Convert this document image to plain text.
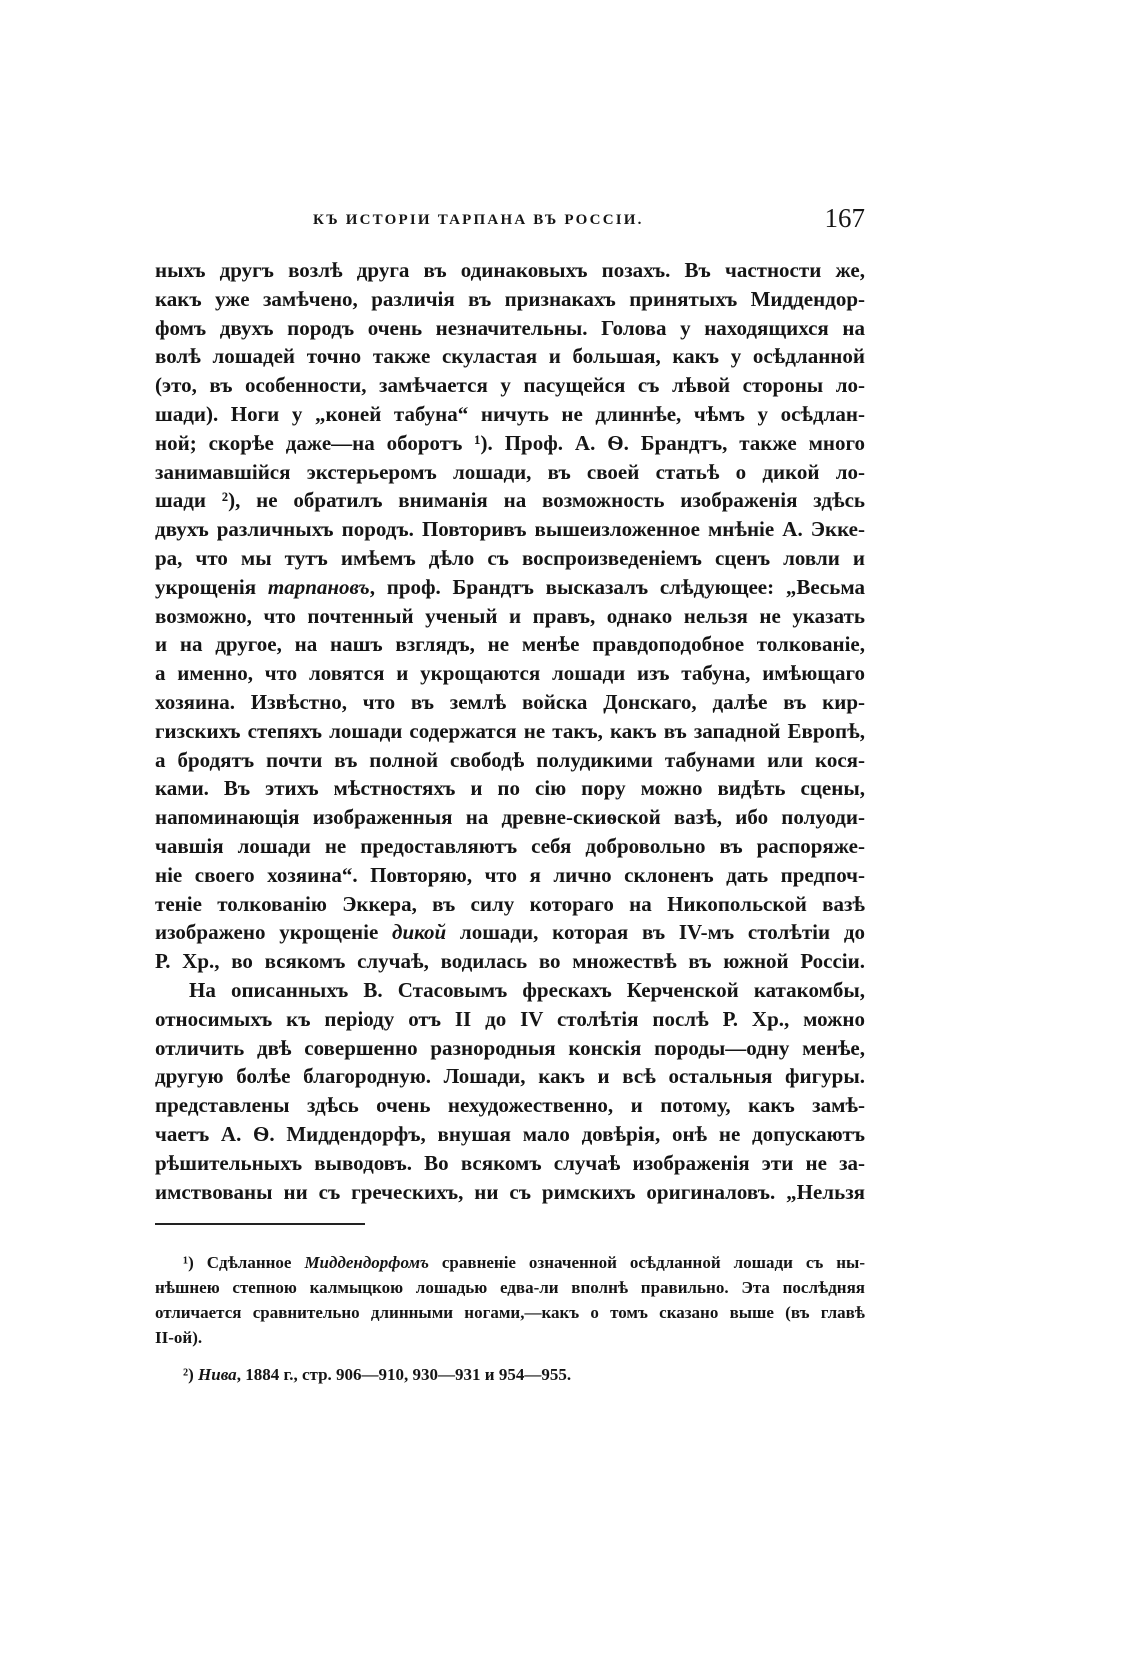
КЪ ИСТОРІИ ТАРПАНА ВЪ РОССІИ.	167
ныхъ другъ возлѣ друга въ одинаковыхъ позахъ. Въ частности же,
какъ уже замѣчено, различія въ признакахъ принятыхъ Миддендор-
фомъ двухъ породъ очень незначительны. Голова у находящихся на
волѣ лошадей точно также скуластая и большая, какъ у осѣдланной
(это, въ особенности, замѣчается у пасущейся съ лѣвой стороны ло-
шади). Ноги у „коней табуна“ ничуть не длиннѣе, чѣмъ у осѣдлан-
ной; скорѣе даже—на оборотъ ¹). Проф. А. Ѳ. Брандтъ, также много
занимавшійся экстерьеромъ лошади, въ своей статьѣ о дикой ло-
шади ²), не обратилъ вниманія на возможность изображенія здѣсь
двухъ различныхъ породъ. Повторивъ вышеизложенное мнѣніе А. Экке-
ра, что мы тутъ имѣемъ дѣло съ воспроизведеніемъ сценъ ловли и
укрощенія тарпановъ, проф. Брандтъ высказалъ слѣдующее: „Весьма
возможно, что почтенный ученый и правъ, однако нельзя не указать
и на другое, на нашъ взглядъ, не менѣе правдоподобное толкованіе,
а именно, что ловятся и укрощаются лошади изъ табуна, имѣющаго
хозяина. Извѣстно, что въ землѣ войска Донскаго, далѣе въ кир-
гизскихъ степяхъ лошади содержатся не такъ, какъ въ западной Европѣ,
а бродятъ почти въ полной свободѣ полудикими табунами или кося-
ками. Въ этихъ мѣстностяхъ и по сію пору можно видѣть сцены,
напоминающія изображенныя на древне-скиѳской вазѣ, ибо полуоди-
чавшія лошади не предоставляютъ себя добровольно въ распоряже-
ніе своего хозяина“. Повторяю, что я лично склоненъ дать предпоч-
теніе толкованію Эккера, въ силу котораго на Никопольской вазѣ
изображено укрощеніе дикой лошади, которая въ IV-мъ столѣтіи до
Р. Хр., во всякомъ случаѣ, водилась во множествѣ въ южной Россіи.
На описанныхъ В. Стасовымъ фрескахъ Керченской катакомбы,
относимыхъ къ періоду отъ II до IV столѣтія послѣ Р. Хр., можно
отличить двѣ совершенно разнородныя конскія породы—одну менѣе,
другую болѣе благородную. Лошади, какъ и всѣ остальныя фигуры.
представлены здѣсь очень нехудожественно, и потому, какъ замѣ-
чаетъ А. Ѳ. Миддендорфъ, внушая мало довѣрія, онѣ не допускаютъ
рѣшительныхъ выводовъ. Во всякомъ случаѣ изображенія эти не за-
имствованы ни съ греческихъ, ни съ римскихъ оригиналовъ. „Нельзя
¹) Сдѣланное Миддендорфомъ сравненіе означенной осѣдланной лошади съ ны-
нѣшнею степною калмыцкою лошадью едва-ли вполнѣ правильно. Эта послѣдняя
отличается сравнительно длинными ногами,—какъ о томъ сказано выше (въ главѣ
II-ой).
²) Нива, 1884 г., стр. 906—910, 930—931 и 954—955.
